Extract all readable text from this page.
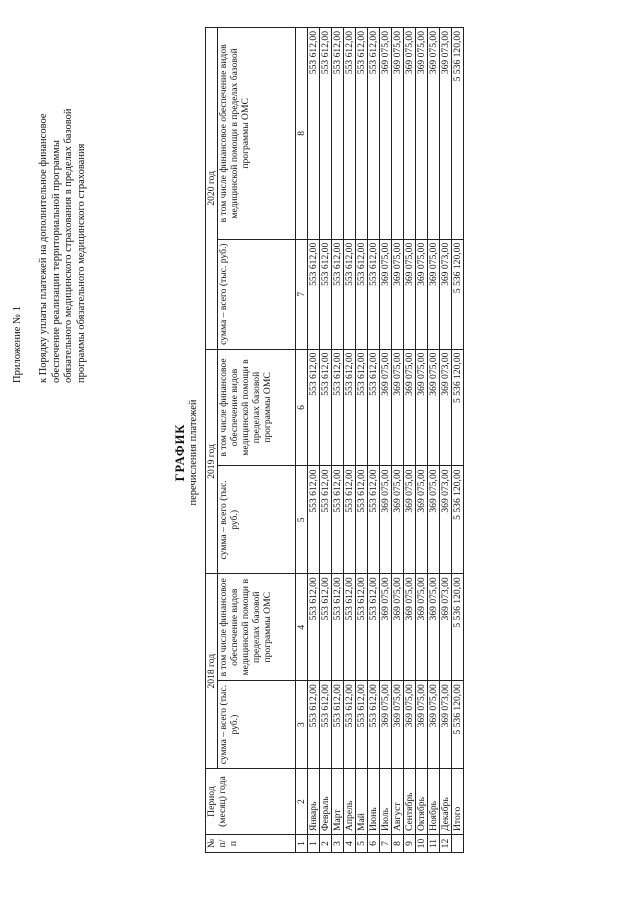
Приложение № 1 к Порядку уплаты платежей на дополнительное финансовое обеспечение реализации территориальной программы обязательного медицинского страхования в пределах базовой программы обязательного медицинского страхования
ГРАФИК перечисления платежей
№ п/п	Период (месяц) года	2018 год		2019 год		2020 год	
		сумма – всего (тыс. руб.)	в том числе финансовое обеспечение видов медицинской помощи в пределах базовой программы ОМС	сумма – всего (тыс. руб.)	в том числе финансовое обеспечение видов медицинской помощи в пределах базовой программы ОМС	сумма – всего (тыс. руб.)	в том числе финансовое обеспечение видов медицинской помощи в пределах базовой программы ОМС
1	2	3	4	5	6	7	8
1	Январь	553 612,00	553 612,00	553 612,00	553 612,00	553 612,00	553 612,00
2	Февраль	553 612,00	553 612,00	553 612,00	553 612,00	553 612,00	553 612,00
3	Март	553 612,00	553 612,00	553 612,00	553 612,00	553 612,00	553 612,00
4	Апрель	553 612,00	553 612,00	553 612,00	553 612,00	553 612,00	553 612,00
5	Май	553 612,00	553 612,00	553 612,00	553 612,00	553 612,00	553 612,00
6	Июнь	553 612,00	553 612,00	553 612,00	553 612,00	553 612,00	553 612,00
7	Июль	369 075,00	369 075,00	369 075,00	369 075,00	369 075,00	369 075,00
8	Август	369 075,00	369 075,00	369 075,00	369 075,00	369 075,00	369 075,00
9	Сентябрь	369 075,00	369 075,00	369 075,00	369 075,00	369 075,00	369 075,00
10	Октябрь	369 075,00	369 075,00	369 075,00	369 075,00	369 075,00	369 075,00
11	Ноябрь	369 075,00	369 075,00	369 075,00	369 075,00	369 075,00	369 075,00
12	Декабрь	369 073,00	369 073,00	369 073,00	369 073,00	369 073,00	369 073,00
	Итого	5 536 120,00	5 536 120,00	5 536 120,00	5 536 120,00	5 536 120,00	5 536 120,00
